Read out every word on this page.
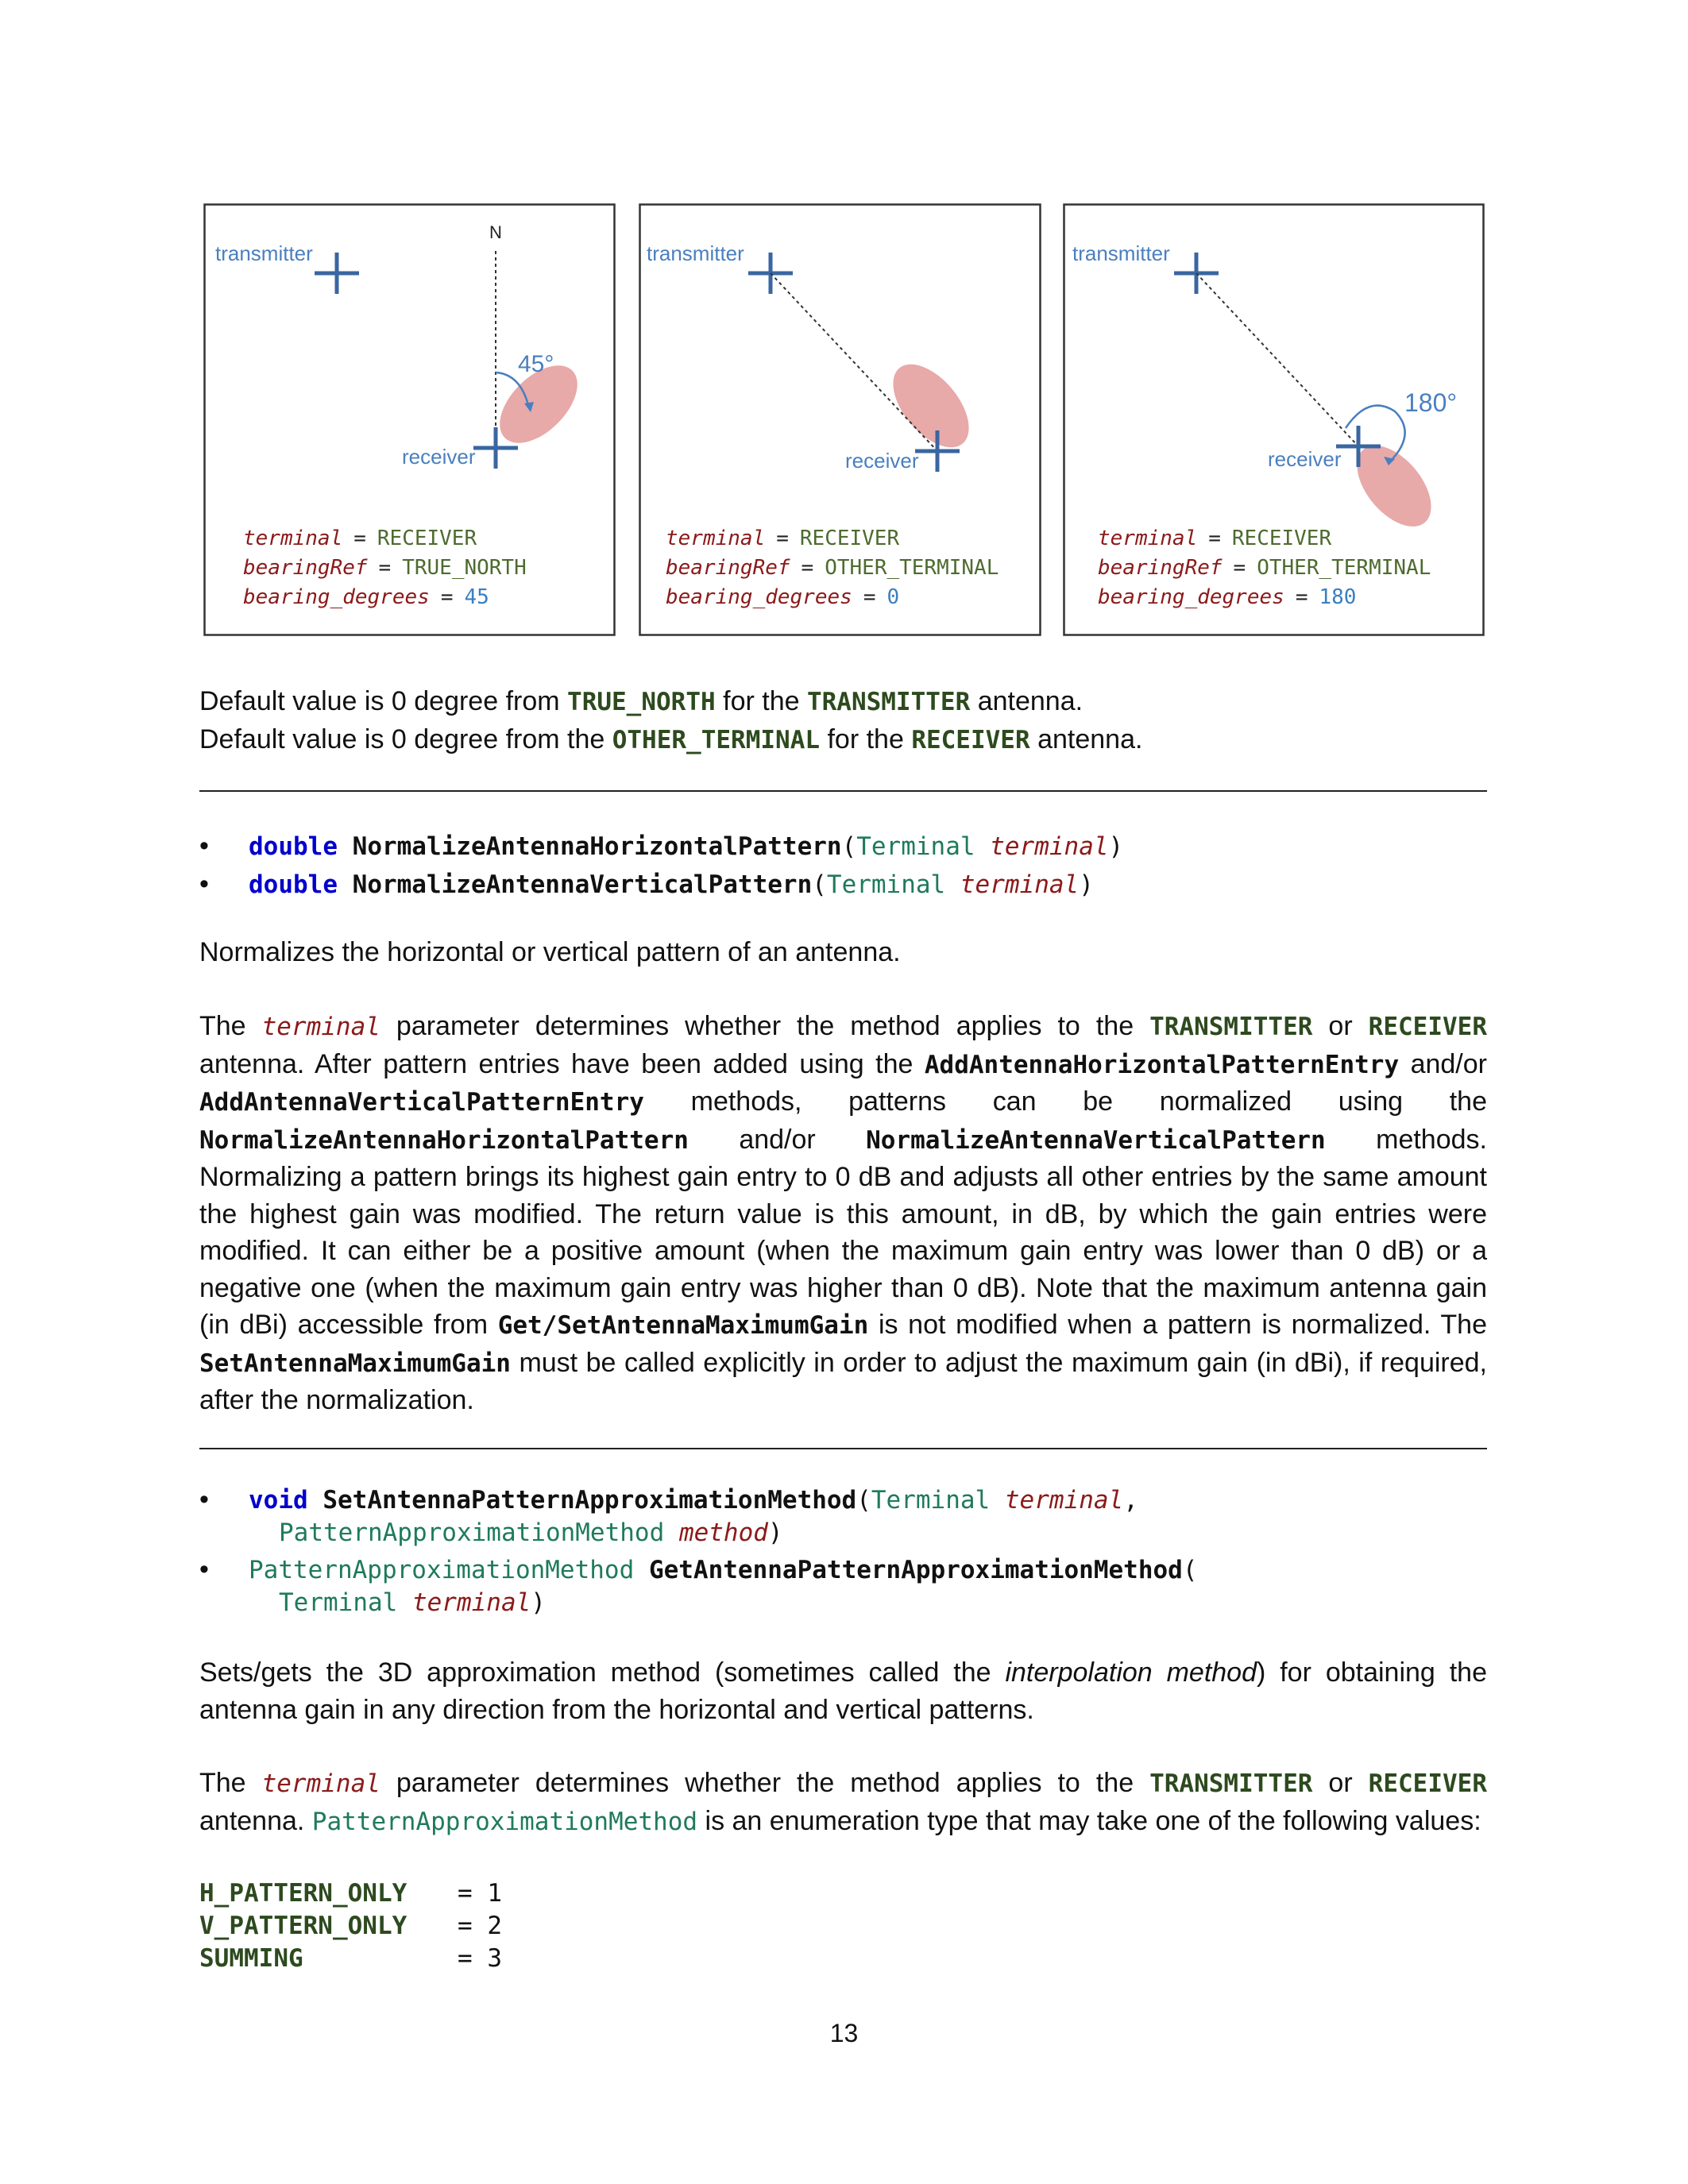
transmitter
N
45°
receiver
terminal = RECEIVER
bearingRef = TRUE_NORTH
bearing_degrees = 45
transmitter
receiver
terminal = RECEIVER
bearingRef = OTHER_TERMINAL
bearing_degrees = 0
transmitter
180°
receiver
terminal = RECEIVER
bearingRef = OTHER_TERMINAL
bearing_degrees = 180
Default value is 0 degree from TRUE_NORTH for the TRANSMITTER antenna.
Default value is 0 degree from the OTHER_TERMINAL for the RECEIVER antenna.
• double NormalizeAntennaHorizontalPattern(Terminal terminal)
• double NormalizeAntennaVerticalPattern(Terminal terminal)
Normalizes the horizontal or vertical pattern of an antenna.
The terminal parameter determines whether the method applies to the TRANSMITTER or RECEIVER antenna. After pattern entries have been added using the AddAntennaHorizontalPatternEntry and/or AddAntennaVerticalPatternEntry methods, patterns can be normalized using the NormalizeAntennaHorizontalPattern and/or NormalizeAntennaVerticalPattern methods. Normalizing a pattern brings its highest gain entry to 0 dB and adjusts all other entries by the same amount the highest gain was modified. The return value is this amount, in dB, by which the gain entries were modified. It can either be a positive amount (when the maximum gain entry was lower than 0 dB) or a negative one (when the maximum gain entry was higher than 0 dB). Note that the maximum antenna gain (in dBi) accessible from Get/SetAntennaMaximumGain is not modified when a pattern is normalized. The SetAntennaMaximumGain must be called explicitly in order to adjust the maximum gain (in dBi), if required, after the normalization.
• void SetAntennaPatternApproximationMethod(Terminal terminal,
PatternApproximationMethod method)
• PatternApproximationMethod GetAntennaPatternApproximationMethod(
Terminal terminal)
Sets/gets the 3D approximation method (sometimes called the interpolation method) for obtaining the antenna gain in any direction from the horizontal and vertical patterns.
The terminal parameter determines whether the method applies to the TRANSMITTER or RECEIVER antenna. PatternApproximationMethod is an enumeration type that may take one of the following values:
H_PATTERN_ONLY	= 1
V_PATTERN_ONLY	= 2
SUMMING	= 3
13
